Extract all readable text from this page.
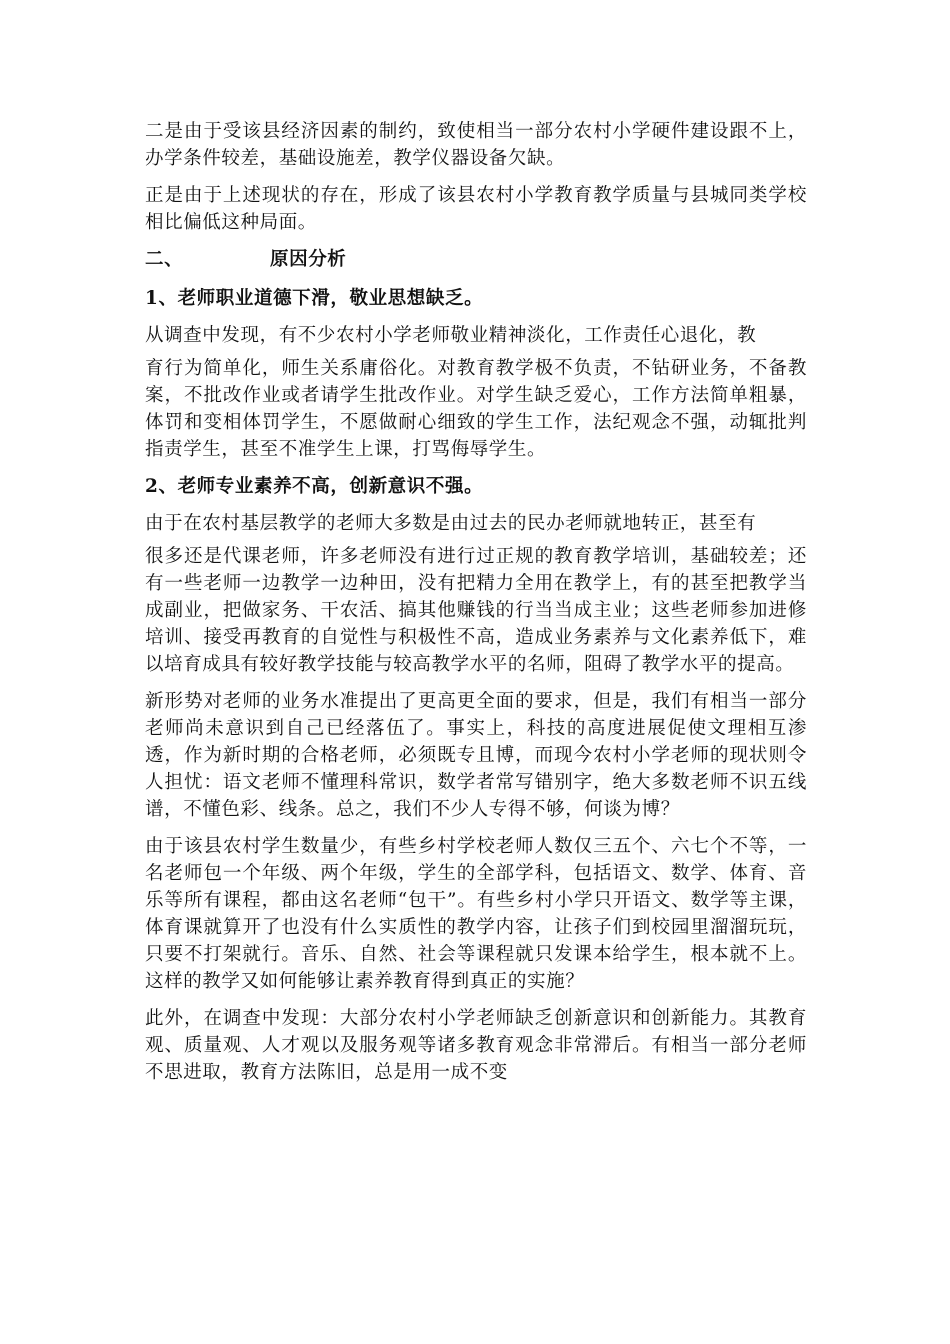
二是由于受该县经济因素的制约，致使相当一部分农村小学硬件建设跟不上，办学条件较差，基础设施差，教学仪器设备欠缺。

正是由于上述现状的存在，形成了该县农村小学教育教学质量与县城同类学校相比偏低这种局面。

二、	原因分析

1、老师职业道德下滑，敬业思想缺乏。

从调查中发现，有不少农村小学老师敬业精神淡化，工作责任心退化，教

育行为简单化，师生关系庸俗化。对教育教学极不负责，不钻研业务，不备教案，不批改作业或者请学生批改作业。对学生缺乏爱心，工作方法简单粗暴，体罚和变相体罚学生，不愿做耐心细致的学生工作，法纪观念不强，动辄批判指责学生，甚至不准学生上课，打骂侮辱学生。

2、老师专业素养不高，创新意识不强。

由于在农村基层教学的老师大多数是由过去的民办老师就地转正，甚至有

很多还是代课老师，许多老师没有进行过正规的教育教学培训，基础较差；还有一些老师一边教学一边种田，没有把精力全用在教学上，有的甚至把教学当成副业，把做家务、干农活、搞其他赚钱的行当当成主业；这些老师参加进修培训、接受再教育的自觉性与积极性不高，造成业务素养与文化素养低下，难以培育成具有较好教学技能与较高教学水平的名师，阻碍了教学水平的提高。

新形势对老师的业务水准提出了更高更全面的要求，但是，我们有相当一部分老师尚未意识到自己已经落伍了。事实上，科技的高度进展促使文理相互渗透，作为新时期的合格老师，必须既专且博，而现今农村小学老师的现状则令人担忧：语文老师不懂理科常识，数学者常写错别字，绝大多数老师不识五线谱，不懂色彩、线条。总之，我们不少人专得不够，何谈为博？

由于该县农村学生数量少，有些乡村学校老师人数仅三五个、六七个不等，一名老师包一个年级、两个年级，学生的全部学科，包括语文、数学、体育、音乐等所有课程，都由这名老师“包干”。有些乡村小学只开语文、数学等主课，体育课就算开了也没有什么实质性的教学内容，让孩子们到校园里溜溜玩玩，只要不打架就行。音乐、自然、社会等课程就只发课本给学生，根本就不上。这样的教学又如何能够让素养教育得到真正的实施？

此外，在调查中发现：大部分农村小学老师缺乏创新意识和创新能力。其教育观、质量观、人才观以及服务观等诸多教育观念非常滞后。有相当一部分老师不思进取，教育方法陈旧，总是用一成不变
